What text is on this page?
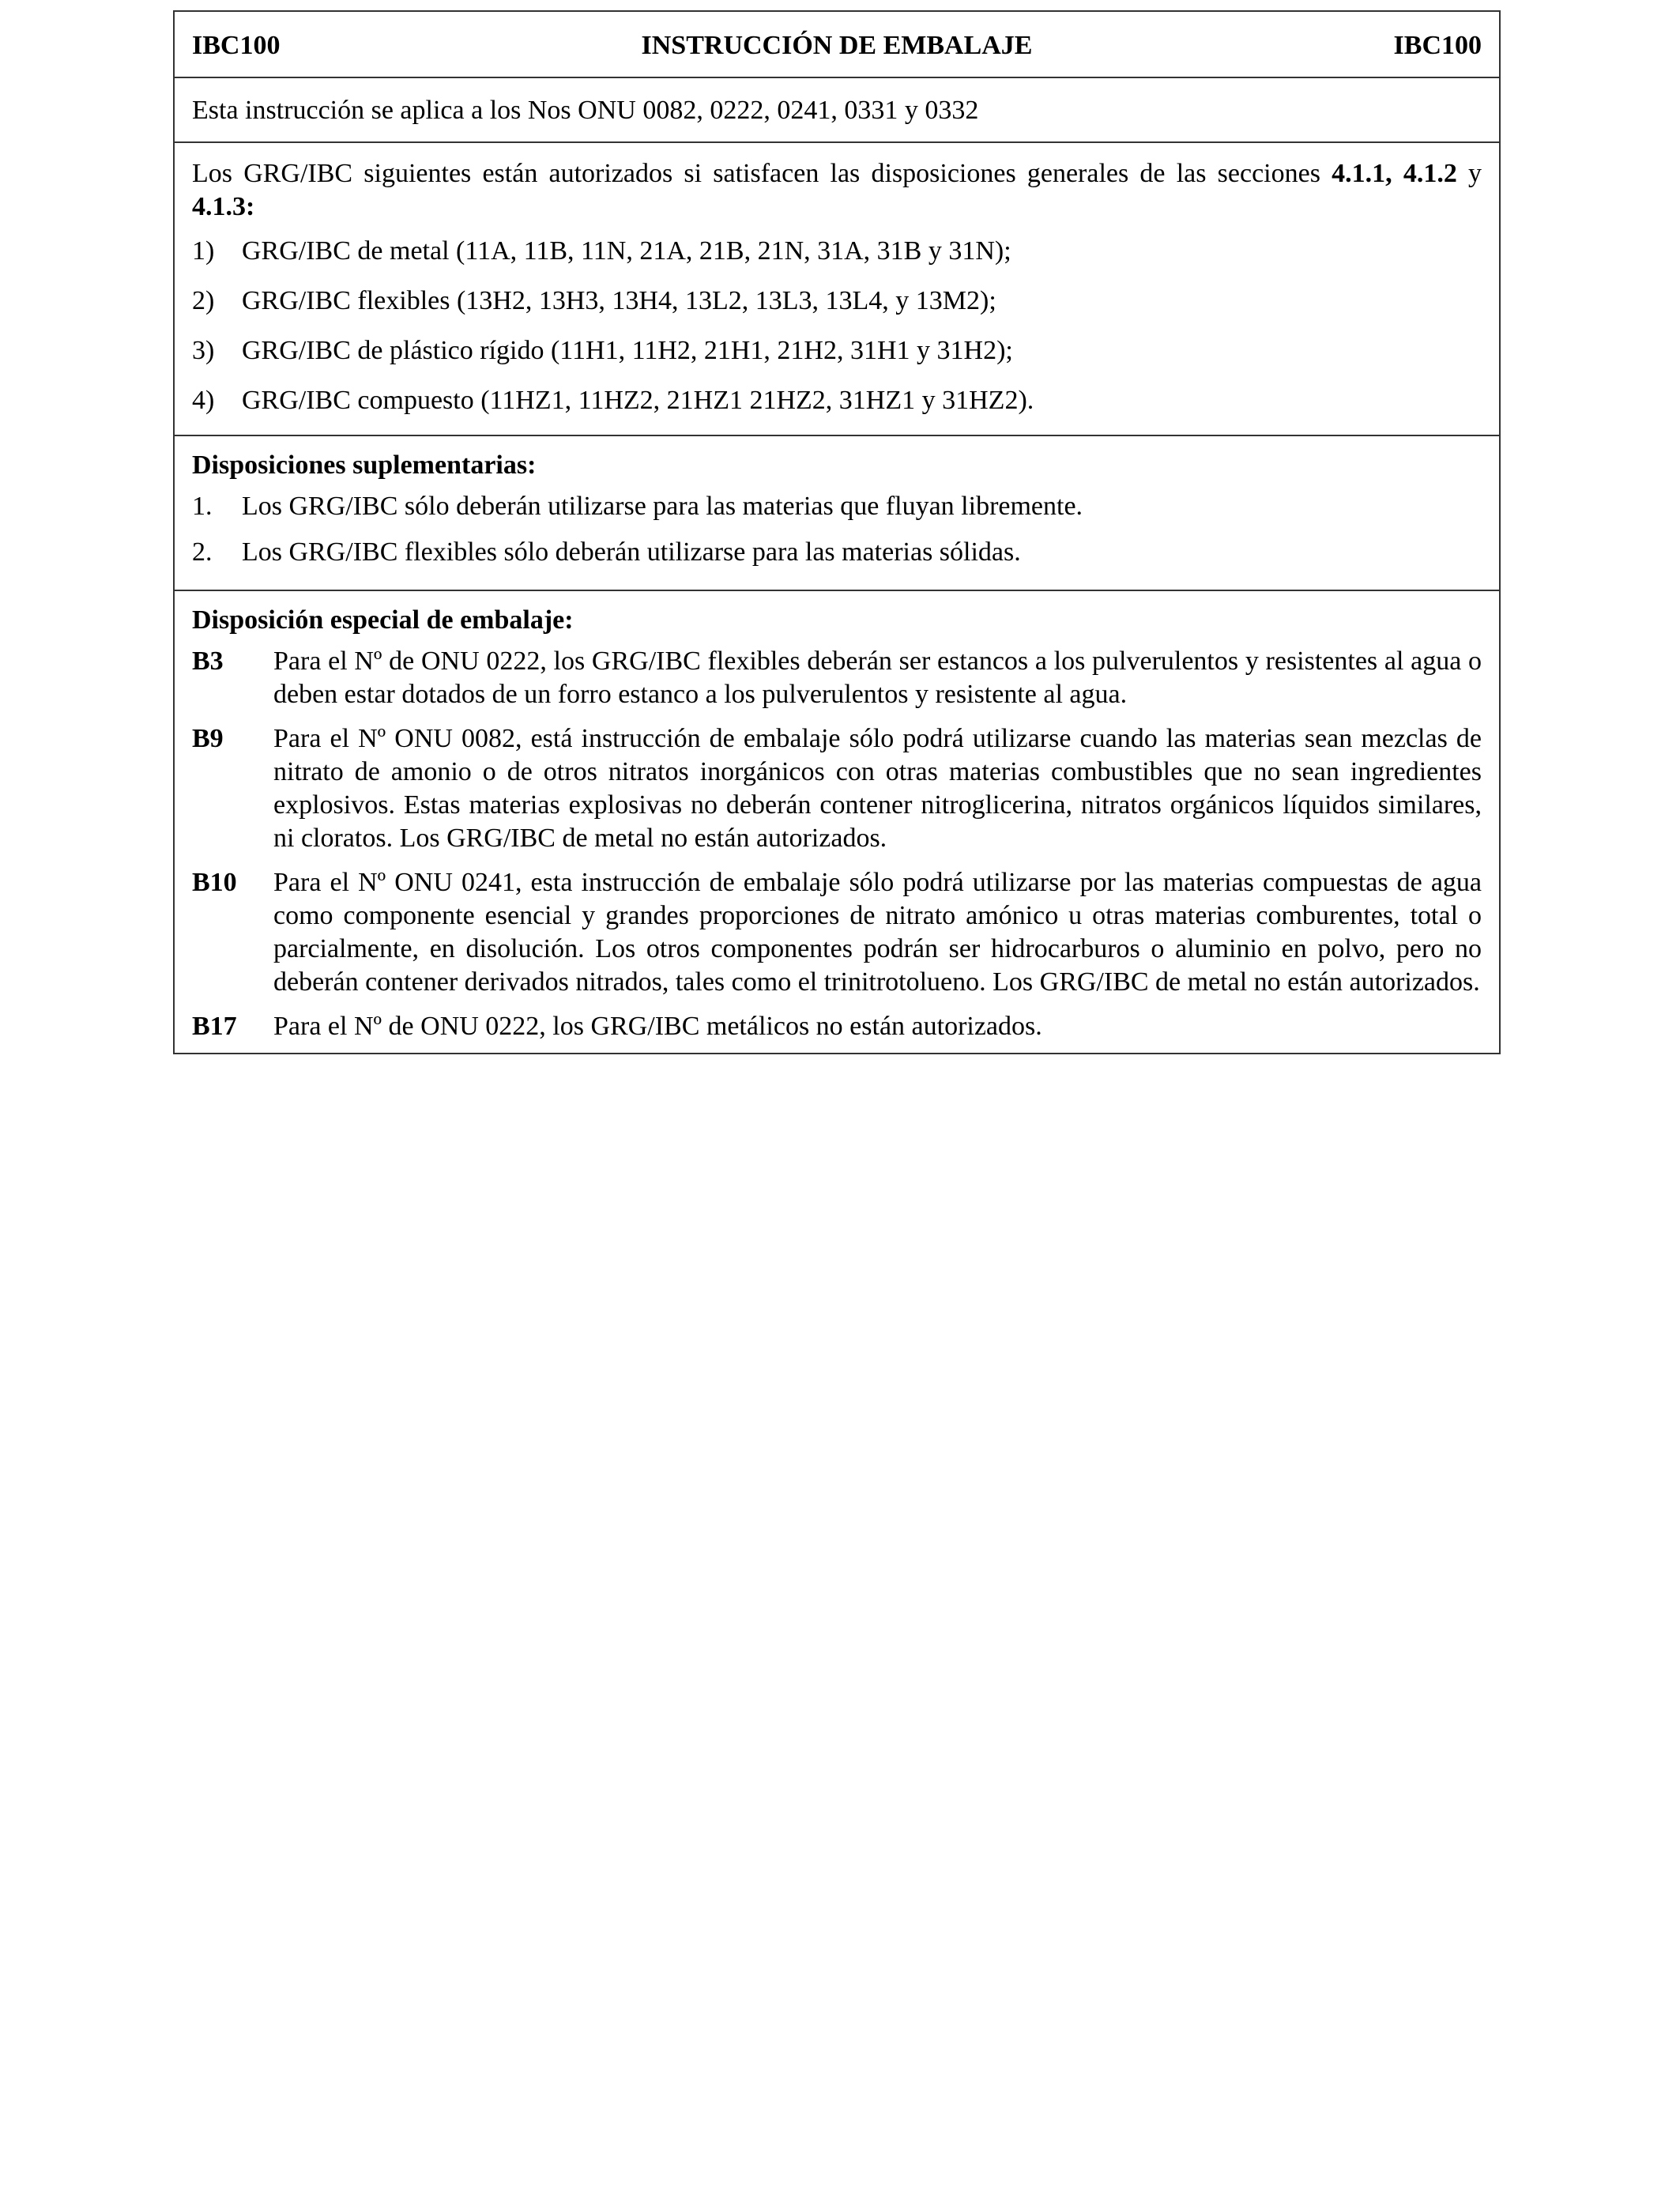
IBC100	INSTRUCCIÓN DE EMBALAJE	IBC100
Esta instrucción se aplica a los Nos ONU 0082, 0222, 0241, 0331 y 0332

Los GRG/IBC siguientes están autorizados si satisfacen las disposiciones generales de las secciones 4.1.1, 4.1.2 y 4.1.3:

1)	GRG/IBC de metal (11A, 11B, 11N, 21A, 21B, 21N, 31A, 31B y 31N);
2)	GRG/IBC flexibles (13H2, 13H3, 13H4, 13L2, 13L3, 13L4, y 13M2);
3)	GRG/IBC de plástico rígido (11H1, 11H2, 21H1, 21H2, 31H1 y 31H2);
4)	GRG/IBC compuesto (11HZ1, 11HZ2, 21HZ1 21HZ2, 31HZ1 y 31HZ2).

Disposiciones suplementarias:

1.	Los GRG/IBC sólo deberán utilizarse para las materias que fluyan libremente.
2.	Los GRG/IBC flexibles sólo deberán utilizarse para las materias sólidas.

Disposición especial de embalaje:

B3	Para el Nº de ONU 0222, los GRG/IBC flexibles deberán ser estancos a los pulverulentos y resistentes al agua o deben estar dotados de un forro estanco a los pulverulentos y resistente al agua.
B9	Para el Nº ONU 0082, está instrucción de embalaje sólo podrá utilizarse cuando las materias sean mezclas de nitrato de amonio o de otros nitratos inorgánicos con otras materias combustibles que no sean ingredientes explosivos. Estas materias explosivas no deberán contener nitroglicerina, nitratos orgánicos líquidos similares, ni cloratos. Los GRG/IBC de metal no están autorizados.
B10	Para el Nº ONU 0241, esta instrucción de embalaje sólo podrá utilizarse por las materias compuestas de agua como componente esencial y grandes proporciones de nitrato amónico u otras materias comburentes, total o parcialmente, en disolución. Los otros componentes podrán ser hidrocarburos o aluminio en polvo, pero no deberán contener derivados nitrados, tales como el trinitrotolueno. Los GRG/IBC de metal no están autorizados.
B17	Para el Nº de ONU 0222, los GRG/IBC metálicos no están autorizados.
